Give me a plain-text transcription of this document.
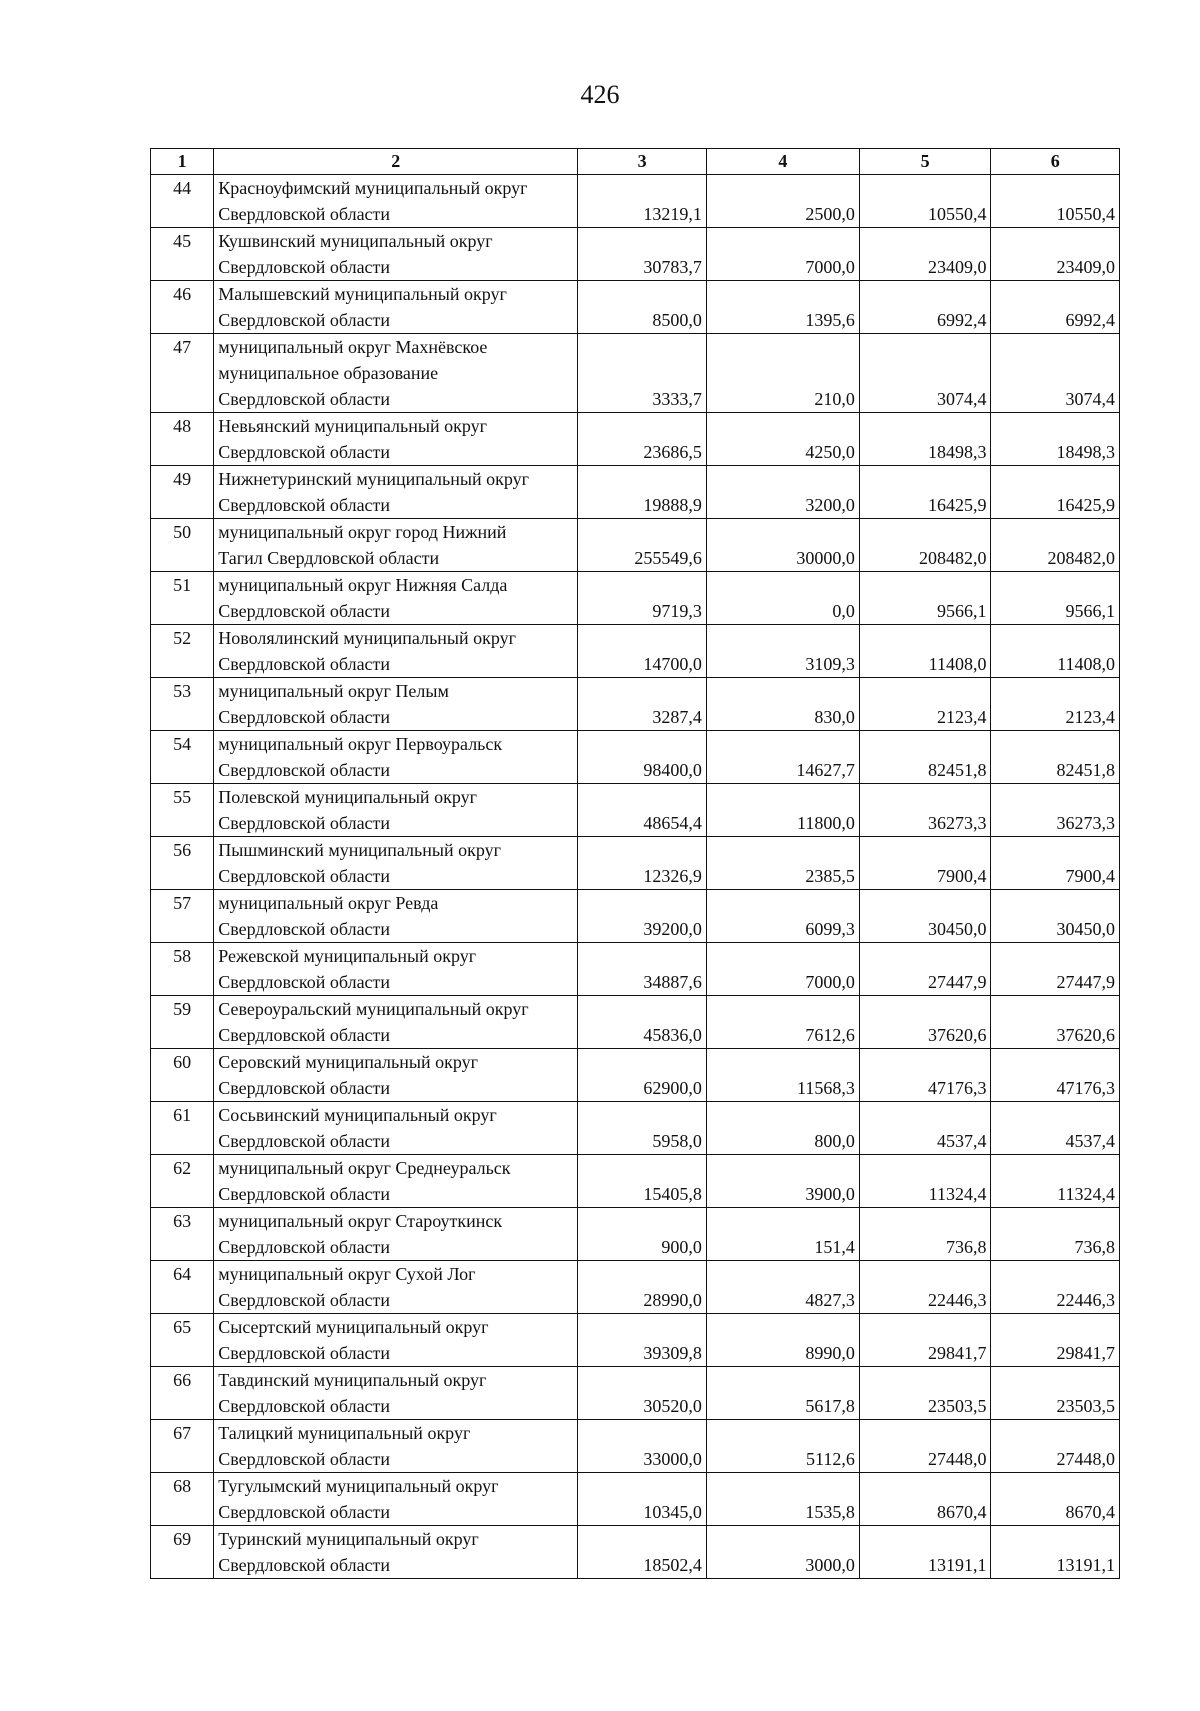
426
1	2	3	4	5	6
44	Красноуфимский муниципальный округ
Свердловской области	13219,1	2500,0	10550,4	10550,4
45	Кушвинский муниципальный округ
Свердловской области	30783,7	7000,0	23409,0	23409,0
46	Малышевский муниципальный округ
Свердловской области	8500,0	1395,6	6992,4	6992,4
47	муниципальный округ Махнёвское
муниципальное образование
Свердловской области	3333,7	210,0	3074,4	3074,4
48	Невьянский муниципальный округ
Свердловской области	23686,5	4250,0	18498,3	18498,3
49	Нижнетуринский муниципальный округ
Свердловской области	19888,9	3200,0	16425,9	16425,9
50	муниципальный округ город Нижний
Тагил Свердловской области	255549,6	30000,0	208482,0	208482,0
51	муниципальный округ Нижняя Салда
Свердловской области	9719,3	0,0	9566,1	9566,1
52	Новолялинский муниципальный округ
Свердловской области	14700,0	3109,3	11408,0	11408,0
53	муниципальный округ Пелым
Свердловской области	3287,4	830,0	2123,4	2123,4
54	муниципальный округ Первоуральск
Свердловской области	98400,0	14627,7	82451,8	82451,8
55	Полевской муниципальный округ
Свердловской области	48654,4	11800,0	36273,3	36273,3
56	Пышминский муниципальный округ
Свердловской области	12326,9	2385,5	7900,4	7900,4
57	муниципальный округ Ревда
Свердловской области	39200,0	6099,3	30450,0	30450,0
58	Режевской муниципальный округ
Свердловской области	34887,6	7000,0	27447,9	27447,9
59	Североуральский муниципальный округ
Свердловской области	45836,0	7612,6	37620,6	37620,6
60	Серовский муниципальный округ
Свердловской области	62900,0	11568,3	47176,3	47176,3
61	Сосьвинский муниципальный округ
Свердловской области	5958,0	800,0	4537,4	4537,4
62	муниципальный округ Среднеуральск
Свердловской области	15405,8	3900,0	11324,4	11324,4
63	муниципальный округ Староуткинск
Свердловской области	900,0	151,4	736,8	736,8
64	муниципальный округ Сухой Лог
Свердловской области	28990,0	4827,3	22446,3	22446,3
65	Сысертский муниципальный округ
Свердловской области	39309,8	8990,0	29841,7	29841,7
66	Тавдинский муниципальный округ
Свердловской области	30520,0	5617,8	23503,5	23503,5
67	Талицкий муниципальный округ
Свердловской области	33000,0	5112,6	27448,0	27448,0
68	Тугулымский муниципальный округ
Свердловской области	10345,0	1535,8	8670,4	8670,4
69	Туринский муниципальный округ
Свердловской области	18502,4	3000,0	13191,1	13191,1
